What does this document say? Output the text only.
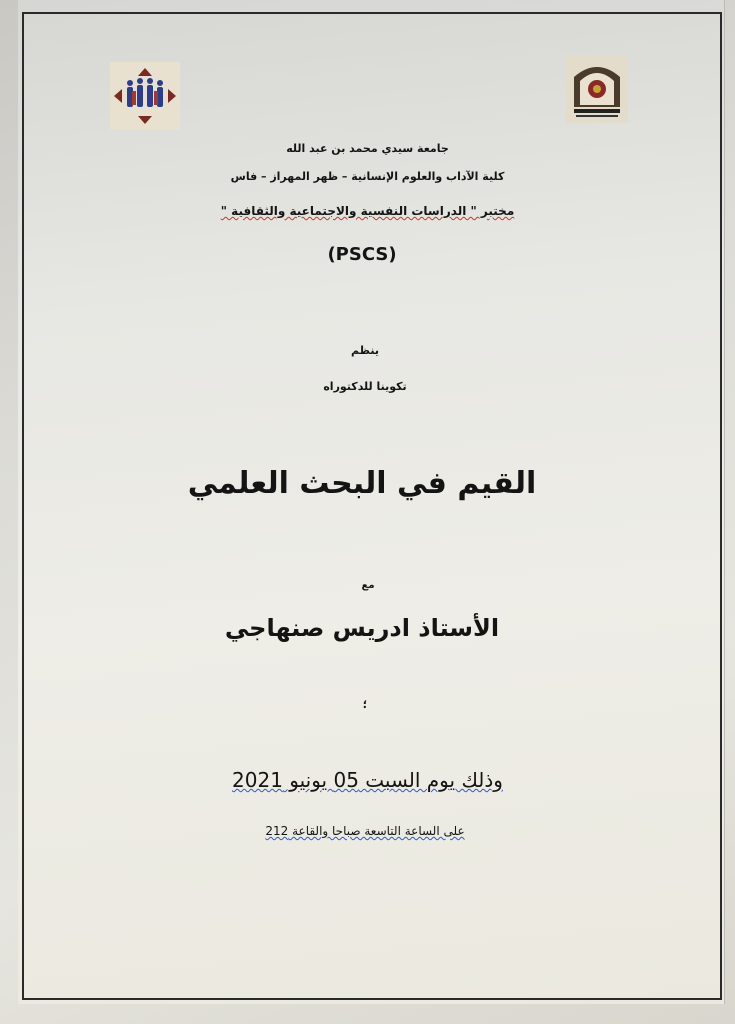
جامعة سيدي محمد بن عبد الله
كلية الآداب والعلوم الإنسانية – ظهر المهراز – فاس
مختبر " الدراسات النفسية والاجتماعية والثقافية "
(PSCS)
ينظم
تكوينا للدكتوراه
القيم في البحث العلمي
مع
الأستاذ ادريس صنهاجي
؛
وذلك يوم السبت 05 يونيو 2021
على الساعة التاسعة صباحا والقاعة 212
